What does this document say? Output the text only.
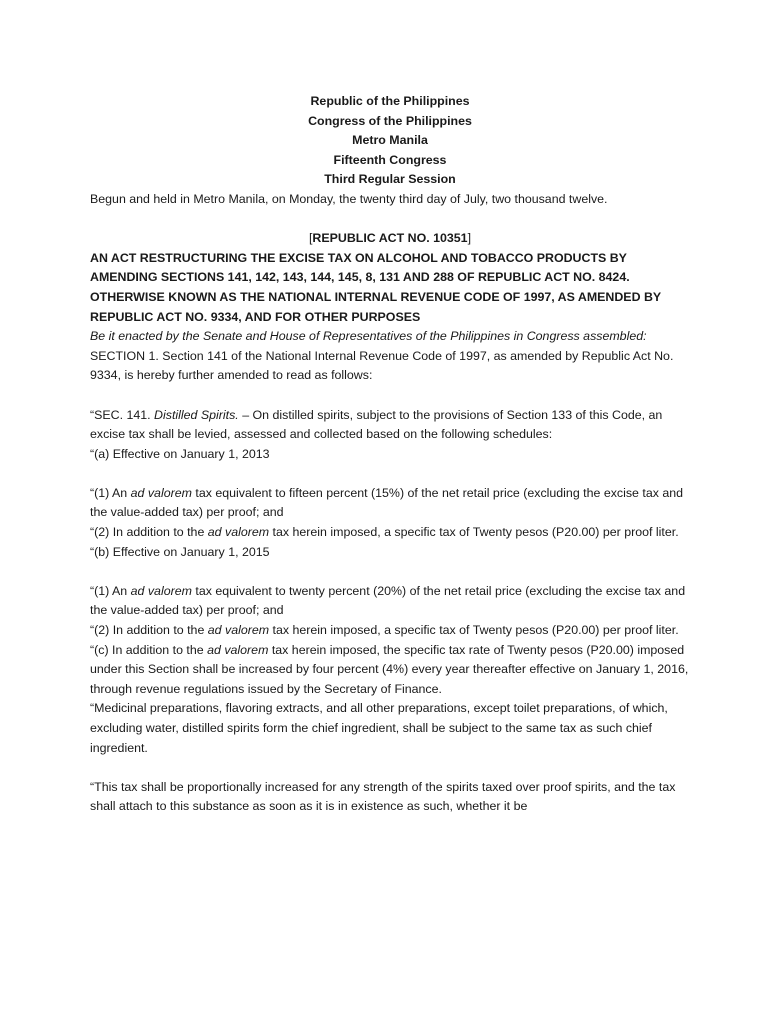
Republic of the Philippines

Congress of the Philippines

Metro Manila

Fifteenth Congress

Third Regular Session

Begun and held in Metro Manila, on Monday, the twenty third day of July, two thousand twelve.

[REPUBLIC ACT NO. 10351]

AN ACT RESTRUCTURING THE EXCISE TAX ON ALCOHOL AND TOBACCO PRODUCTS BY AMENDING SECTIONS 141, 142, 143, 144, 145, 8, 131 AND 288 OF REPUBLIC ACT NO. 8424. OTHERWISE KNOWN AS THE NATIONAL INTERNAL REVENUE CODE OF 1997, AS AMENDED BY REPUBLIC ACT NO. 9334, AND FOR OTHER PURPOSES

Be it enacted by the Senate and House of Representatives of the Philippines in Congress assembled:

SECTION 1. Section 141 of the National Internal Revenue Code of 1997, as amended by Republic Act No. 9334, is hereby further amended to read as follows:

“SEC. 141. Distilled Spirits. – On distilled spirits, subject to the provisions of Section 133 of this Code, an excise tax shall be levied, assessed and collected based on the following schedules:

“(a) Effective on January 1, 2013

“(1) An ad valorem tax equivalent to fifteen percent (15%) of the net retail price (excluding the excise tax and the value-added tax) per proof; and

“(2) In addition to the ad valorem tax herein imposed, a specific tax of Twenty pesos (P20.00) per proof liter.

“(b) Effective on January 1, 2015

“(1) An ad valorem tax equivalent to twenty percent (20%) of the net retail price (excluding the excise tax and the value-added tax) per proof; and

“(2) In addition to the ad valorem tax herein imposed, a specific tax of Twenty pesos (P20.00) per proof liter.

“(c) In addition to the ad valorem tax herein imposed, the specific tax rate of Twenty pesos (P20.00) imposed under this Section shall be increased by four percent (4%) every year thereafter effective on January 1, 2016, through revenue regulations issued by the Secretary of Finance.

“Medicinal preparations, flavoring extracts, and all other preparations, except toilet preparations, of which, excluding water, distilled spirits form the chief ingredient, shall be subject to the same tax as such chief ingredient.

“This tax shall be proportionally increased for any strength of the spirits taxed over proof spirits, and the tax shall attach to this substance as soon as it is in existence as such, whether it be
